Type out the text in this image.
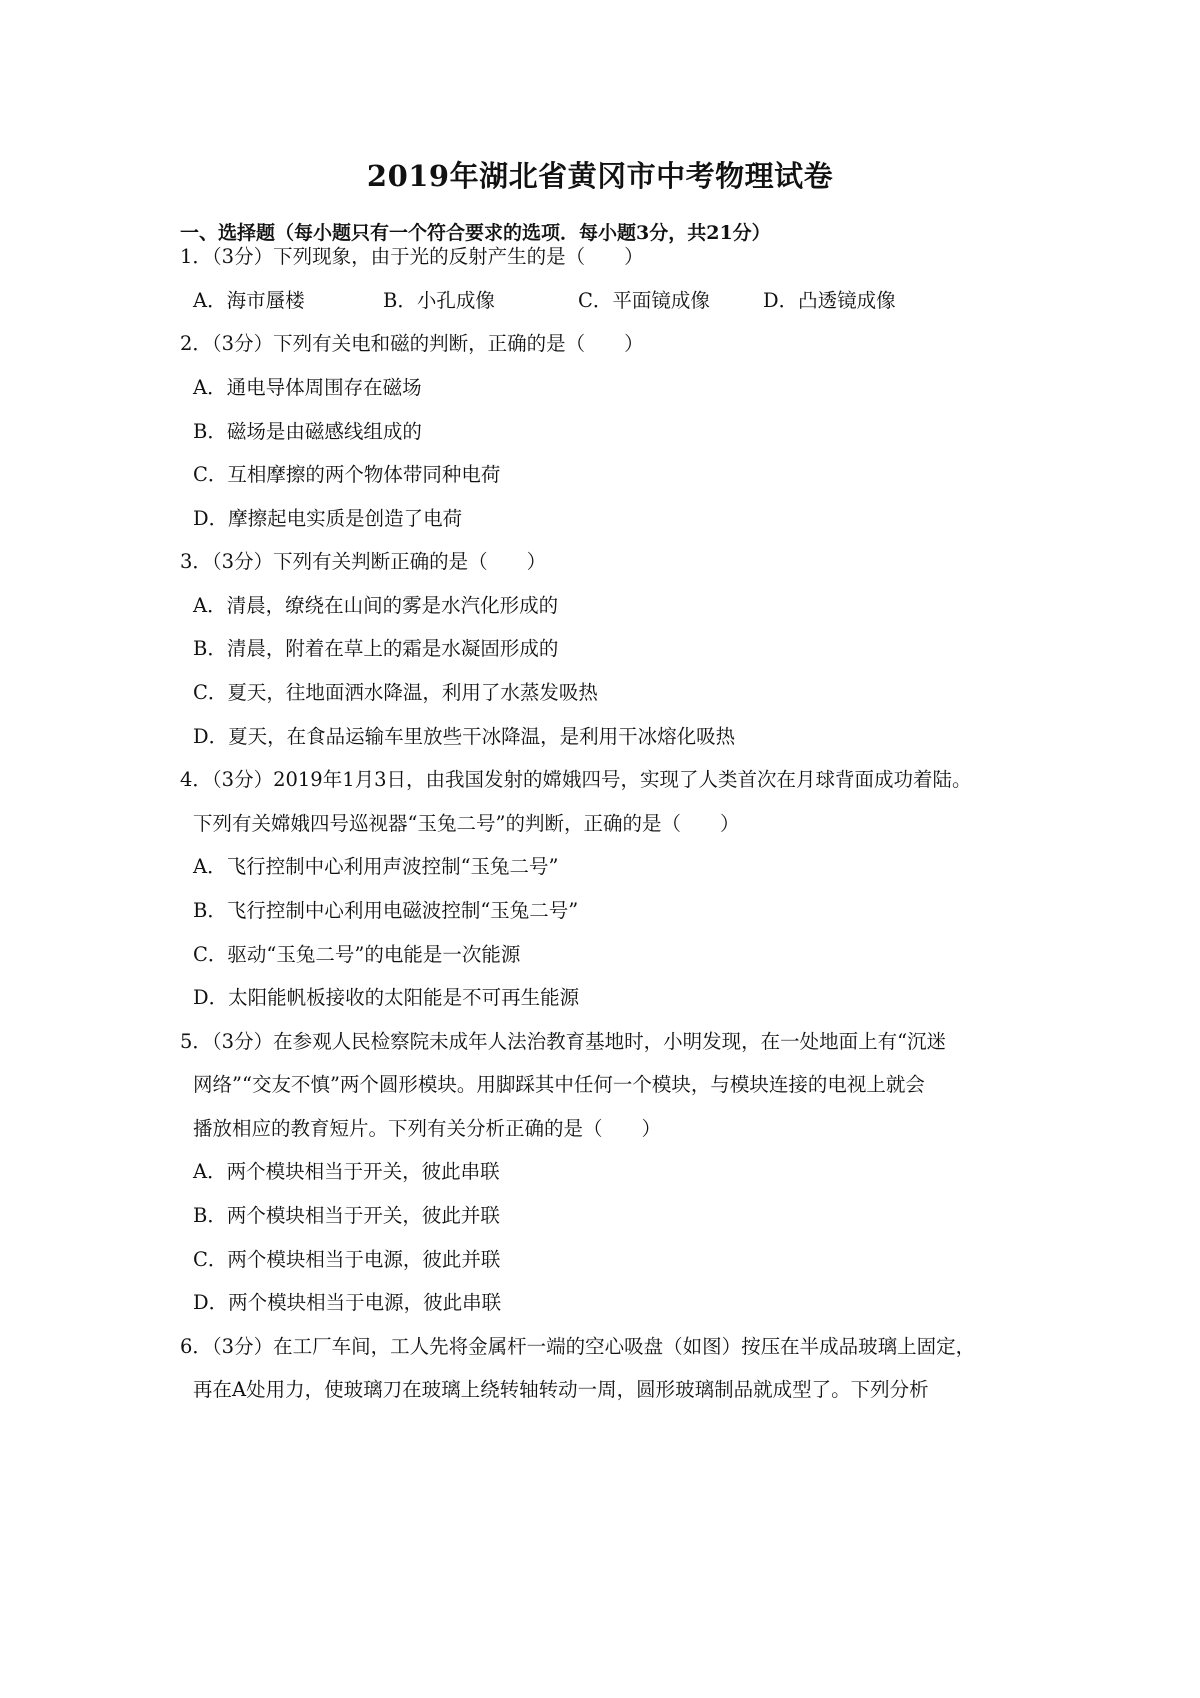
2019年湖北省黄冈市中考物理试卷
一、选择题（每小题只有一个符合要求的选项．每小题3分，共21分）
1．（3分）下列现象，由于光的反射产生的是（　　）
A．海市蜃楼	B．小孔成像	C．平面镜成像	D．凸透镜成像
2．（3分）下列有关电和磁的判断，正确的是（　　）
A．通电导体周围存在磁场
B．磁场是由磁感线组成的
C．互相摩擦的两个物体带同种电荷
D．摩擦起电实质是创造了电荷
3．（3分）下列有关判断正确的是（　　）
A．清晨，缭绕在山间的雾是水汽化形成的
B．清晨，附着在草上的霜是水凝固形成的
C．夏天，往地面洒水降温，利用了水蒸发吸热
D．夏天，在食品运输车里放些干冰降温，是利用干冰熔化吸热
4．（3分）2019年1月3日，由我国发射的嫦娥四号，实现了人类首次在月球背面成功着陆。
下列有关嫦娥四号巡视器“玉兔二号”的判断，正确的是（　　）
A．飞行控制中心利用声波控制“玉兔二号”
B．飞行控制中心利用电磁波控制“玉兔二号”
C．驱动“玉兔二号”的电能是一次能源
D．太阳能帆板接收的太阳能是不可再生能源
5．（3分）在参观人民检察院未成年人法治教育基地时，小明发现，在一处地面上有“沉迷
网络”“交友不慎”两个圆形模块。用脚踩其中任何一个模块，与模块连接的电视上就会
播放相应的教育短片。下列有关分析正确的是（　　）
A．两个模块相当于开关，彼此串联
B．两个模块相当于开关，彼此并联
C．两个模块相当于电源，彼此并联
D．两个模块相当于电源，彼此串联
6．（3分）在工厂车间，工人先将金属杆一端的空心吸盘（如图）按压在半成品玻璃上固定，
再在A处用力，使玻璃刀在玻璃上绕转轴转动一周，圆形玻璃制品就成型了。下列分析
